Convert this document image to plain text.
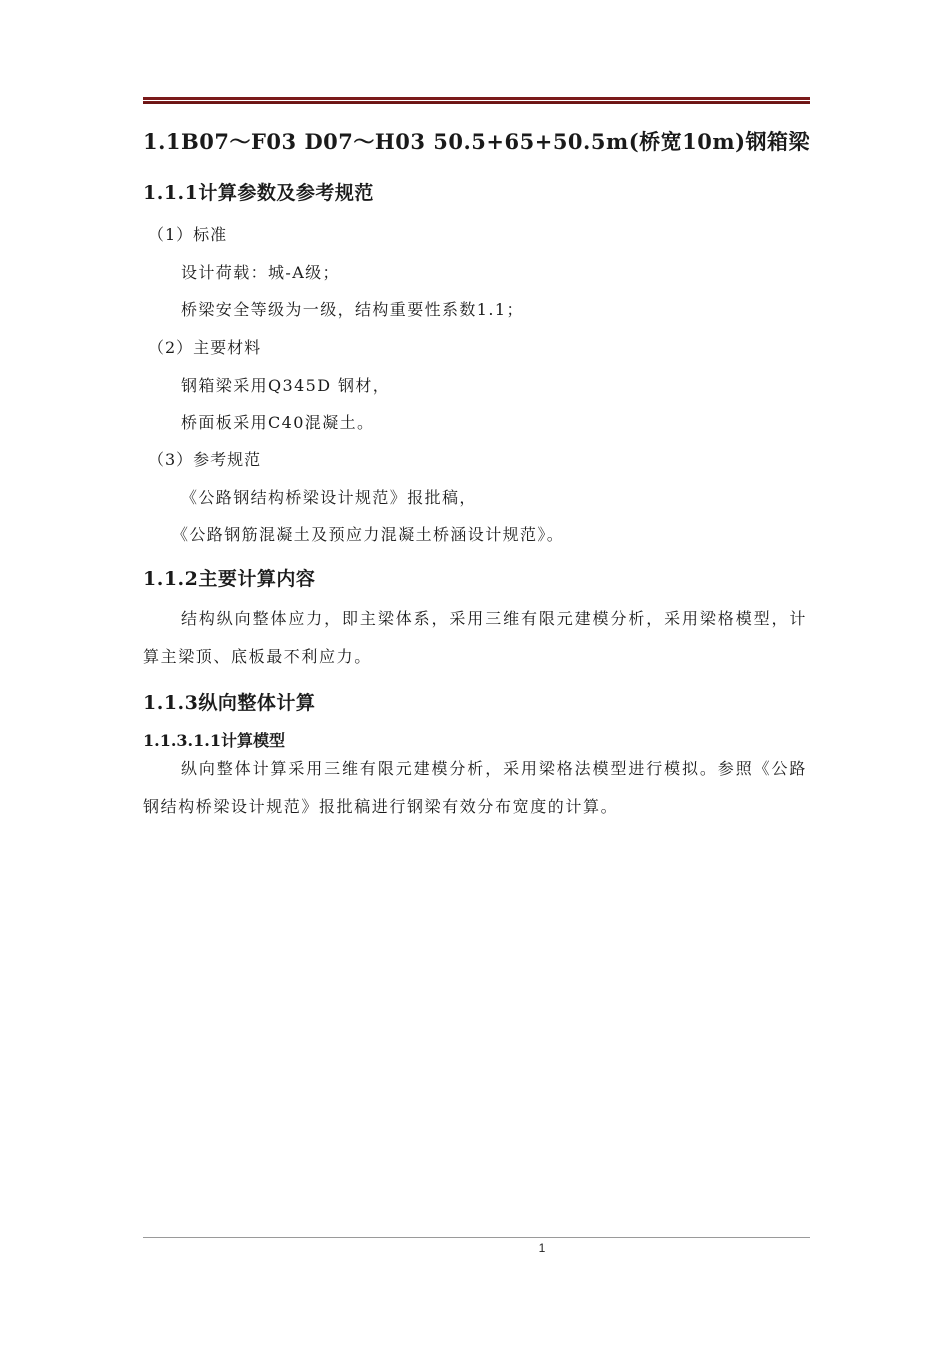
1.1B07～F03 D07～H03 50.5+65+50.5m(桥宽10m)钢箱梁
1.1.1计算参数及参考规范
（1）标准
设计荷载：城-A级；
桥梁安全等级为一级，结构重要性系数1.1；
（2）主要材料
钢箱梁采用Q345D 钢材，
桥面板采用C40混凝土。
（3）参考规范
《公路钢结构桥梁设计规范》报批稿，
《公路钢筋混凝土及预应力混凝土桥涵设计规范》。
1.1.2主要计算内容
结构纵向整体应力，即主梁体系，采用三维有限元建模分析，采用梁格模型，计算主梁顶、底板最不利应力。
1.1.3纵向整体计算
1.1.3.1.1计算模型
纵向整体计算采用三维有限元建模分析，采用梁格法模型进行模拟。参照《公路钢结构桥梁设计规范》报批稿进行钢梁有效分布宽度的计算。
1
